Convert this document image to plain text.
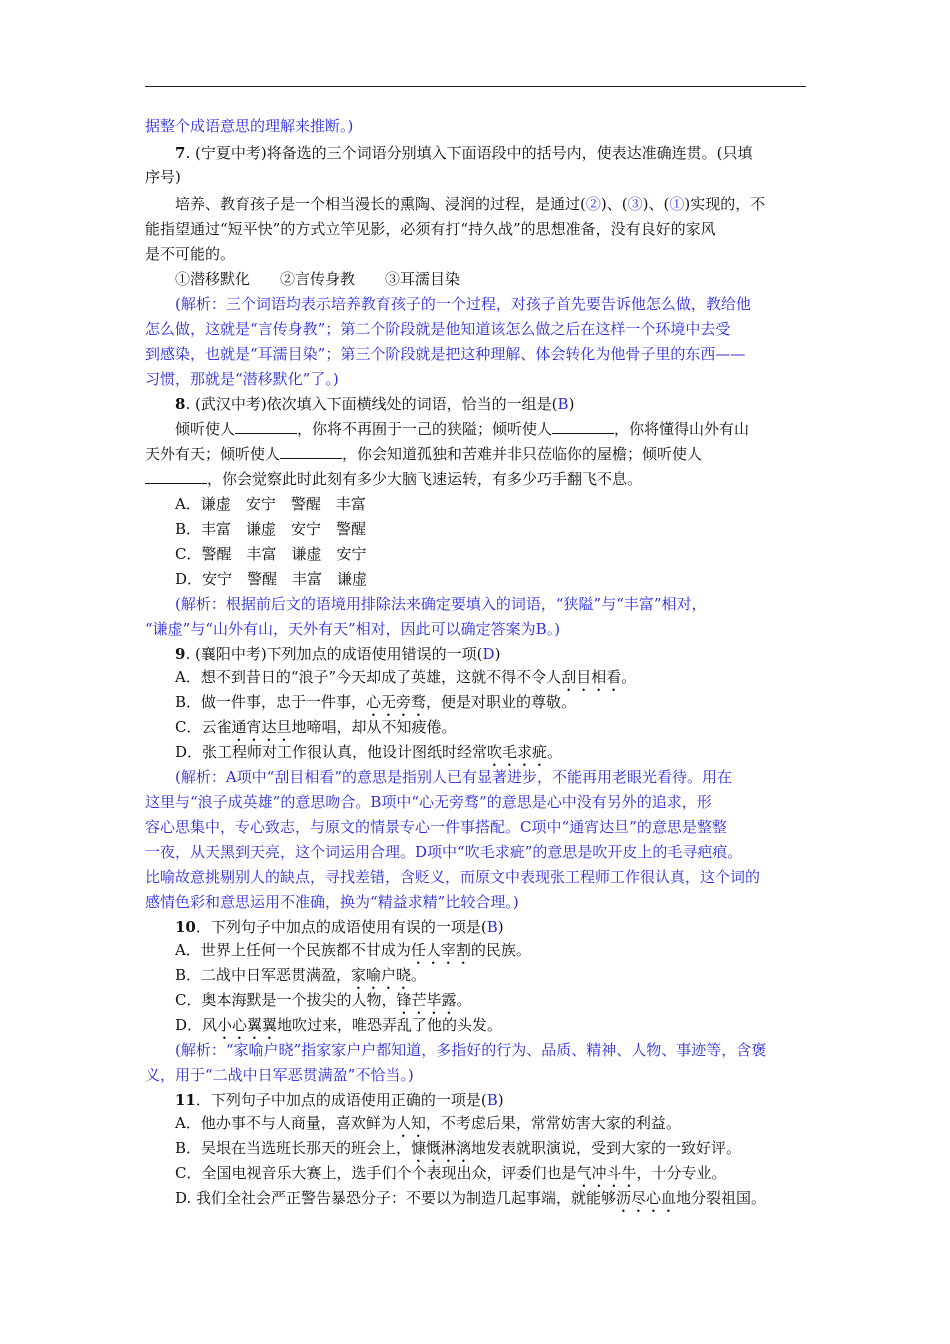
据整个成语意思的理解来推断。)
7. (宁夏中考)将备选的三个词语分别填入下面语段中的括号内，使表达准确连贯。(只填
序号)
培养、教育孩子是一个相当漫长的熏陶、浸润的过程，是通过(②)、(③)、(①)实现的，不
能指望通过“短平快”的方式立竿见影，必须有打“持久战”的思想准备，没有良好的家风
是不可能的。
①潜移默化　　②言传身教　　③耳濡目染
(解析：三个词语均表示培养教育孩子的一个过程，对孩子首先要告诉他怎么做，教给他
怎么做，这就是“言传身教”；第二个阶段就是他知道该怎么做之后在这样一个环境中去受
到感染，也就是“耳濡目染”；第三个阶段就是把这种理解、体会转化为他骨子里的东西——
习惯，那就是“潜移默化”了。)
8. (武汉中考)依次填入下面横线处的词语，恰当的一组是(B)
倾听使人	，你将不再囿于一己的狭隘；倾听使人	，你将懂得山外有山
天外有天；倾听使人	，你会知道孤独和苦难并非只莅临你的屋檐；倾听使人
，你会觉察此时此刻有多少大脑飞速运转，有多少巧手翻飞不息。
A．谦虚　安宁　警醒　丰富
B．丰富　谦虚　安宁　警醒
C．警醒　丰富　谦虚　安宁
D．安宁　警醒　丰富　谦虚
(解析：根据前后文的语境用排除法来确定要填入的词语，“狭隘”与“丰富”相对，
“谦虚”与“山外有山，天外有天”相对，因此可以确定答案为B。)
9. (襄阳中考)下列加点的成语使用错误的一项(D)
A．想不到昔日的“浪子”今天却成了英雄，这就不得不令人刮目相看。
B．做一件事，忠于一件事，心无旁骛，便是对职业的尊敬。
C．云雀通宵达旦地啼唱，却从不知疲倦。
D．张工程师对工作很认真，他设计图纸时经常吹毛求疵。
(解析：A项中“刮目相看”的意思是指别人已有显著进步，不能再用老眼光看待。用在
这里与“浪子成英雄”的意思吻合。B项中“心无旁骛”的意思是心中没有另外的追求，形
容心思集中，专心致志，与原文的情景专心一件事搭配。C项中“通宵达旦”的意思是整整
一夜，从天黑到天亮，这个词运用合理。D项中“吹毛求疵”的意思是吹开皮上的毛寻疤痕。
比喻故意挑剔别人的缺点，寻找差错，含贬义，而原文中表现张工程师工作很认真，这个词的
感情色彩和意思运用不准确，换为“精益求精”比较合理。)
10．下列句子中加点的成语使用有误的一项是(B)
A．世界上任何一个民族都不甘成为任人宰割的民族。
B．二战中日军恶贯满盈，家喻户晓。
C．奥本海默是一个拔尖的人物，锋芒毕露。
D．风小心翼翼地吹过来，唯恐弄乱了他的头发。
(解析：“家喻户晓”指家家户户都知道，多指好的行为、品质、精神、人物、事迹等，含褒
义，用于“二战中日军恶贯满盈”不恰当。)
11．下列句子中加点的成语使用正确的一项是(B)
A．他办事不与人商量，喜欢鲜为人知，不考虑后果，常常妨害大家的利益。
B．吴垠在当选班长那天的班会上，慷慨淋漓地发表就职演说，受到大家的一致好评。
C．全国电视音乐大赛上，选手们个个表现出众，评委们也是气冲斗牛，十分专业。
D. 我们全社会严正警告暴恐分子：不要以为制造几起事端，就能够沥尽心血地分裂祖国。
